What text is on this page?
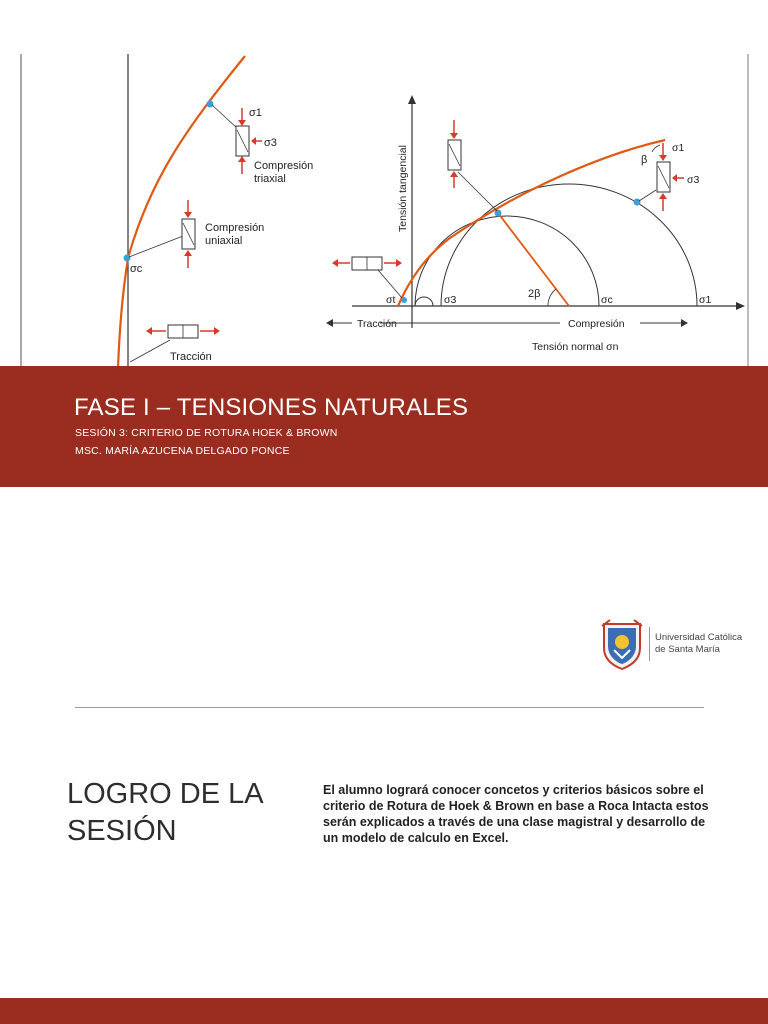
σ1
σ3
Compresión
triaxial
Compresión
uniaxial
σc
Tracción
Tensión tangencial
σt	σ3	2β	σc	σ1
β
σ1
σ3
Tracción	Compresión
Tensión normal σn
FASE I – TENSIONES NATURALES
SESIÓN 3: CRITERIO DE ROTURA HOEK & BROWN
MSC. MARÍA AZUCENA DELGADO PONCE
Universidad Católica
de Santa María
LOGRO DE LA SESIÓN
El alumno logrará conocer concetos y criterios básicos sobre el criterio de Rotura de Hoek & Brown en base a Roca Intacta estos serán explicados a través de una clase magistral y desarrollo de un modelo de calculo en Excel.
